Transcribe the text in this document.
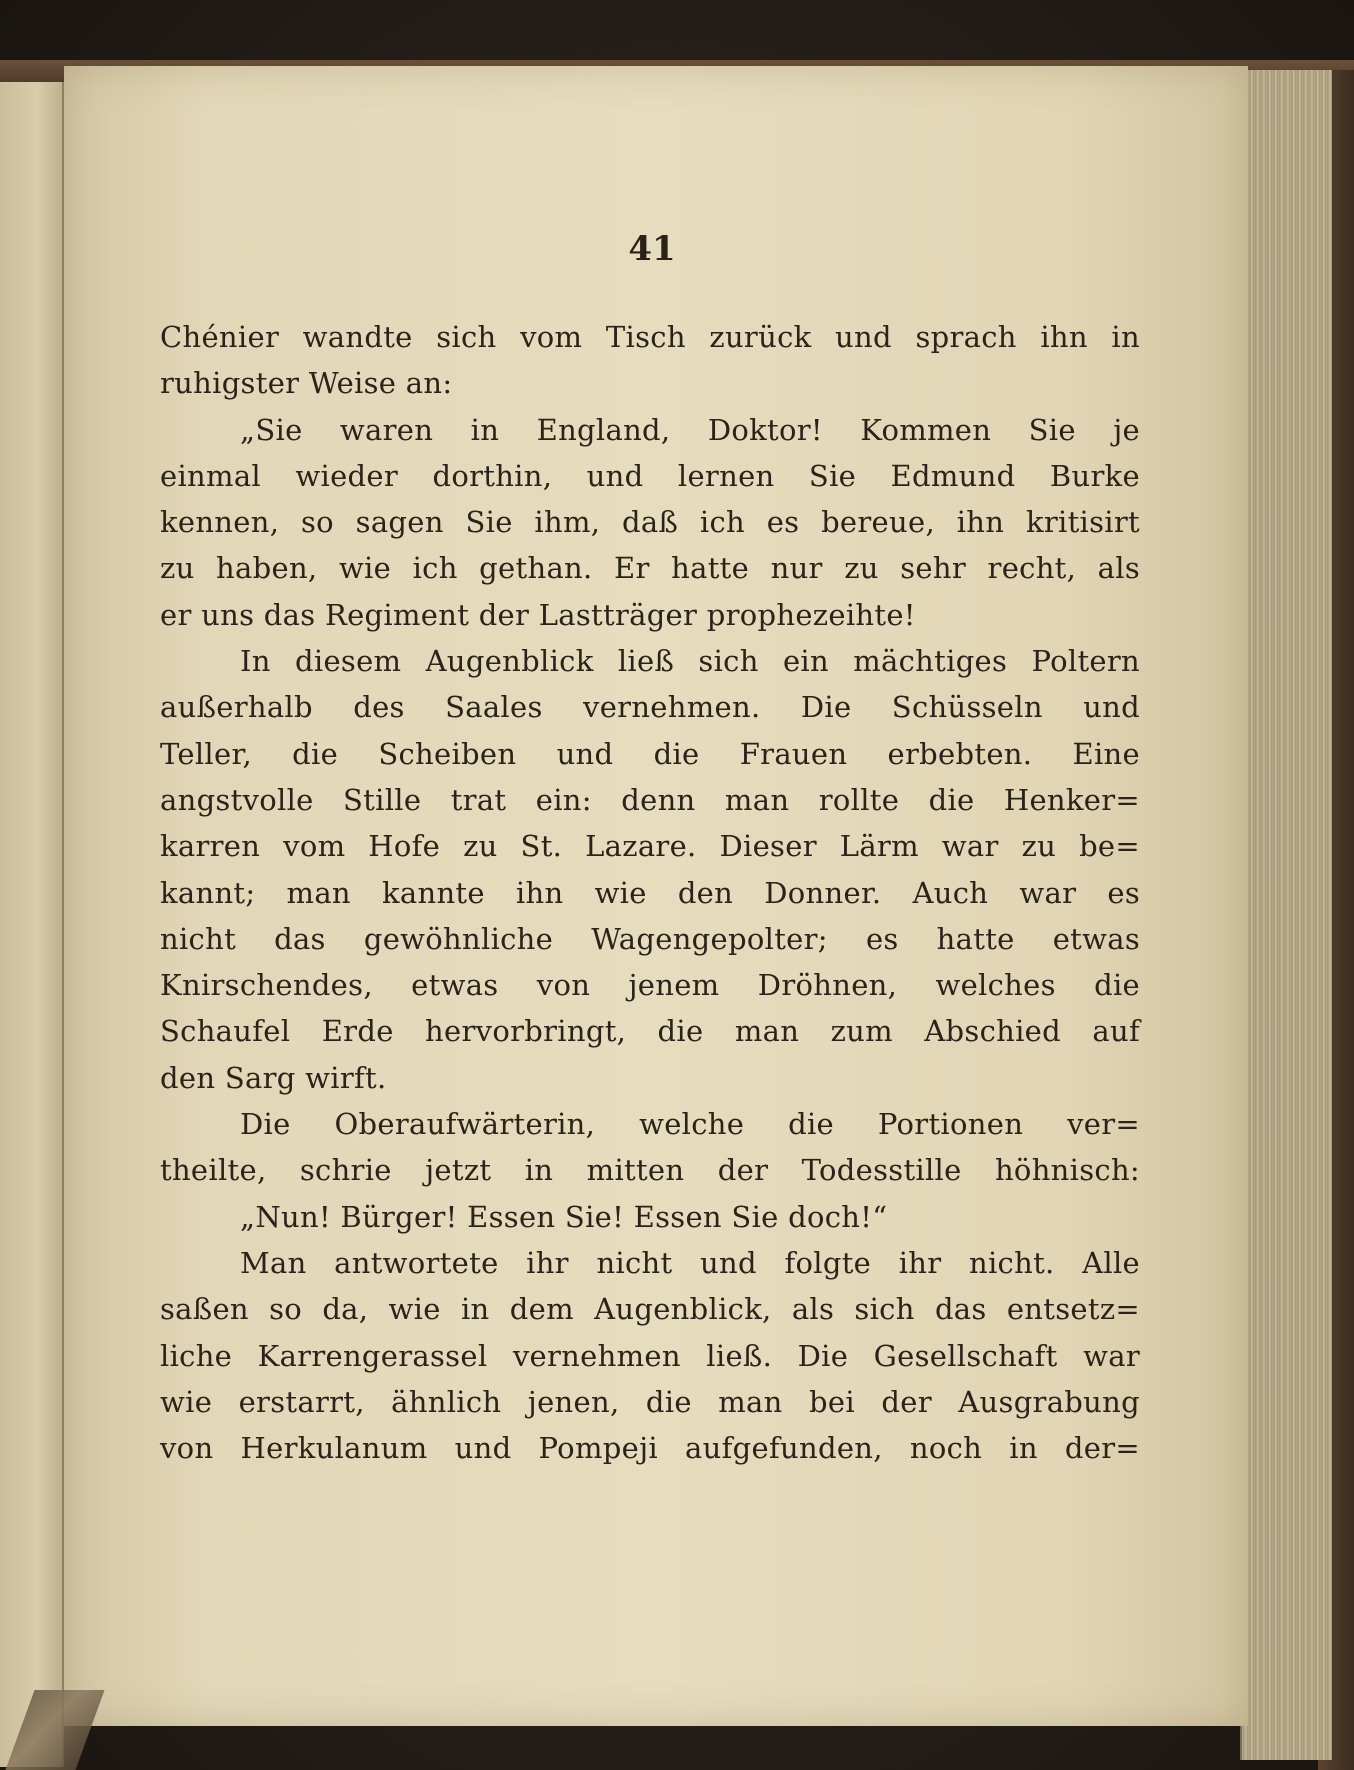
41
Chénier wandte sich vom Tisch zurück und sprach ihn in
ruhigster Weise an:
„Sie waren in England, Doktor! Kommen Sie je
einmal wieder dorthin, und lernen Sie Edmund Burke
kennen, so sagen Sie ihm, daß ich es bereue, ihn kritisirt
zu haben, wie ich gethan. Er hatte nur zu sehr recht, als
er uns das Regiment der Lastträger prophezeihte!
In diesem Augenblick ließ sich ein mächtiges Poltern
außerhalb des Saales vernehmen. Die Schüsseln und
Teller, die Scheiben und die Frauen erbebten. Eine
angstvolle Stille trat ein: denn man rollte die Henker=
karren vom Hofe zu St. Lazare. Dieser Lärm war zu be=
kannt; man kannte ihn wie den Donner. Auch war es
nicht das gewöhnliche Wagengepolter; es hatte etwas
Knirschendes, etwas von jenem Dröhnen, welches die
Schaufel Erde hervorbringt, die man zum Abschied auf
den Sarg wirft.
Die Oberaufwärterin, welche die Portionen ver=
theilte, schrie jetzt in mitten der Todesstille höhnisch:
„Nun! Bürger! Essen Sie! Essen Sie doch!“
Man antwortete ihr nicht und folgte ihr nicht. Alle
saßen so da, wie in dem Augenblick, als sich das entsetz=
liche Karrengerassel vernehmen ließ. Die Gesellschaft war
wie erstarrt, ähnlich jenen, die man bei der Ausgrabung
von Herkulanum und Pompeji aufgefunden, noch in der=
